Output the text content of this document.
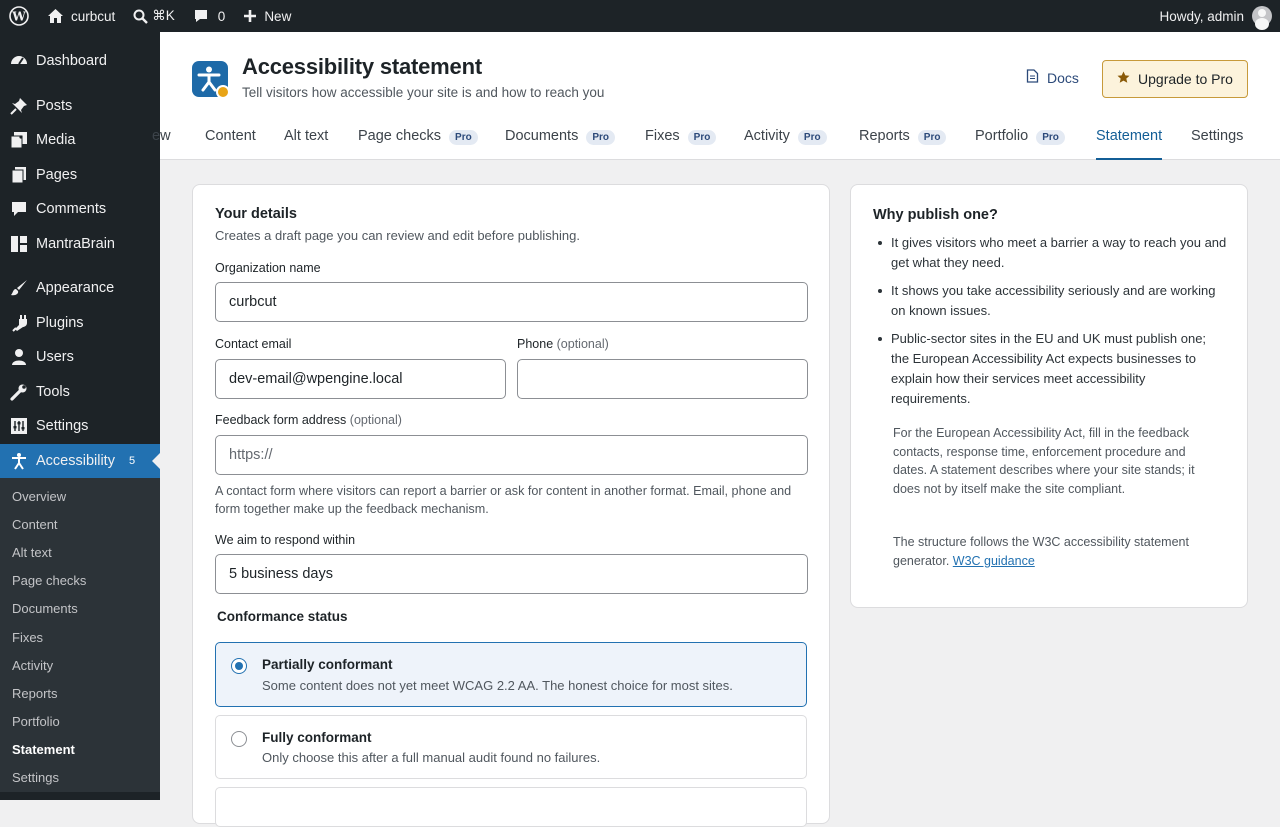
W	curbcut	⌘K	0	New	Howdy, admin
Dashboard
Posts
Media
Pages
Comments
MantraBrain
Appearance
Plugins
Users
Tools
Settings
Accessibility 5
Overview
Content
Alt text
Page checks
Documents
Fixes
Activity
Reports
Portfolio
Statement
Settings
Accessibility statement
Tell visitors how accessible your site is and how to reach you
Docs	Upgrade to Pro
ew Content Alt text Page checks	Pro	Documents	Pro	Fixes	Pro	Activity	Pro	Reports	Pro	Portfolio	Pro	Statement Settings
Your details
Creates a draft page you can review and edit before publishing.
Organization name
curbcut
Contact email
dev-email@wpengine.local
Phone (optional)
Feedback form address (optional)
https://
A contact form where visitors can report a barrier or ask for content in another format. Email, phone and form together make up the feedback mechanism.
We aim to respond within
5 business days
Conformance status
Partially conformant
Some content does not yet meet WCAG 2.2 AA. The honest choice for most sites.
Fully conformant
Only choose this after a full manual audit found no failures.
Why publish one?
It gives visitors who meet a barrier a way to reach you and get what they need.
It shows you take accessibility seriously and are working on known issues.
Public-sector sites in the EU and UK must publish one; the European Accessibility Act expects businesses to explain how their services meet accessibility requirements.
For the European Accessibility Act, fill in the feedback contacts, response time, enforcement procedure and dates. A statement describes where your site stands; it does not by itself make the site compliant.
The structure follows the W3C accessibility statement generator. W3C guidance
